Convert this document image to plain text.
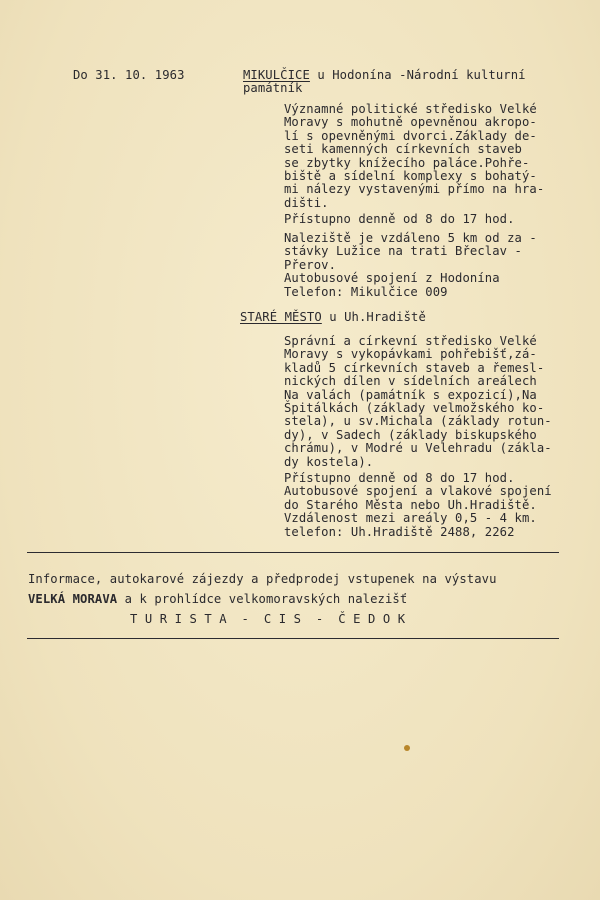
Do 31. 10. 1963	MIKULČICE u Hodonína -Národní kulturní
památník
Významné politické středisko Velké
Moravy s mohutně opevněnou akropo-
lí s opevněnými dvorci.Základy de-
seti kamenných církevních staveb
se zbytky knížecího paláce.Pohře-
biště a sídelní komplexy s bohatý-
mi nálezy vystavenými přímo na hra-
dišti.
Přístupno denně od 8 do 17 hod.
Naleziště je vzdáleno 5 km od za -
stávky Lužice na trati Břeclav -
Přerov.
Autobusové spojení z Hodonína
Telefon: Mikulčice 009
STARÉ MĚSTO u Uh.Hradiště
Správní a církevní středisko Velké
Moravy s vykopávkami pohřebišť,zá-
kladů 5 církevních staveb a řemesl-
nických dílen v sídelních areálech
Na valách (památník s expozicí),Na
Špitálkách (základy velmožského ko-
stela), u sv.Michala (základy rotun-
dy), v Sadech (základy biskupského
chrámu), v Modré u Velehradu (zákla-
dy kostela).
Přístupno denně od 8 do 17 hod.
Autobusové spojení a vlakové spojení
do Starého Města nebo Uh.Hradiště.
Vzdálenost mezi areály 0,5 - 4 km.
telefon: Uh.Hradiště 2488, 2262
Informace, autokarové zájezdy a předprodej vstupenek na výstavu
VELKÁ MORAVA a k prohlídce velkomoravských nalezišť
T U R I S T A  -  C I S  -  Č E D O K
